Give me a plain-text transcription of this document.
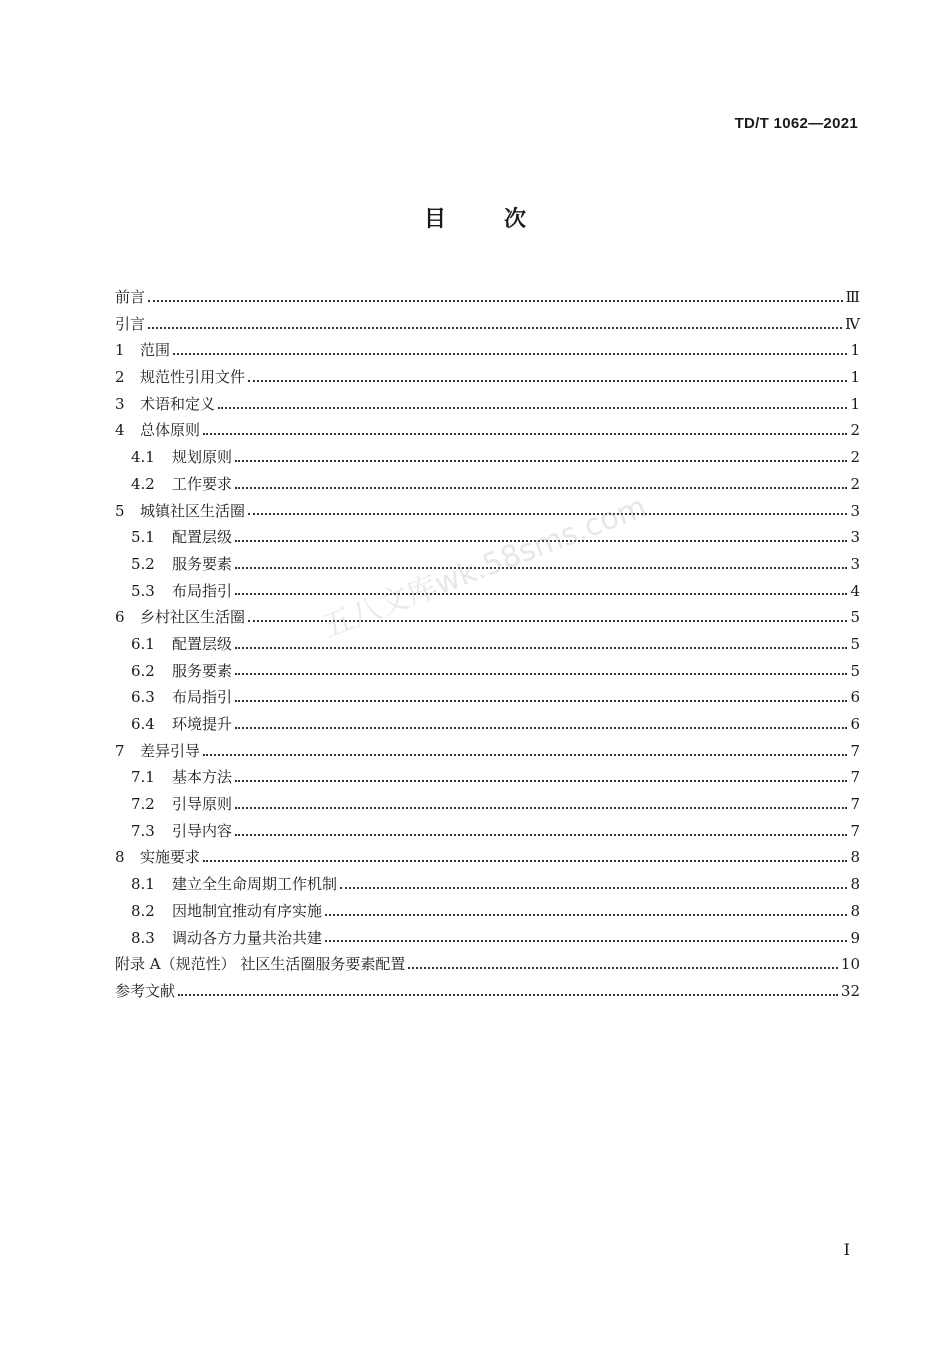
TD/T 1062—2021
目次
前言	Ⅲ
引言	Ⅳ
1	范围	1
2	规范性引用文件	1
3	术语和定义	1
4	总体原则	2
4.1	规划原则	2
4.2	工作要求	2
5	城镇社区生活圈	3
5.1	配置层级	3
5.2	服务要素	3
5.3	布局指引	4
6	乡村社区生活圈	5
6.1	配置层级	5
6.2	服务要素	5
6.3	布局指引	6
6.4	环境提升	6
7	差异引导	7
7.1	基本方法	7
7.2	引导原则	7
7.3	引导内容	7
8	实施要求	8
8.1	建立全生命周期工作机制	8
8.2	因地制宜推动有序实施	8
8.3	调动各方力量共治共建	9
附录 A（规范性） 社区生活圈服务要素配置	10
参考文献	32
五八文库wk.58sms.com
I
